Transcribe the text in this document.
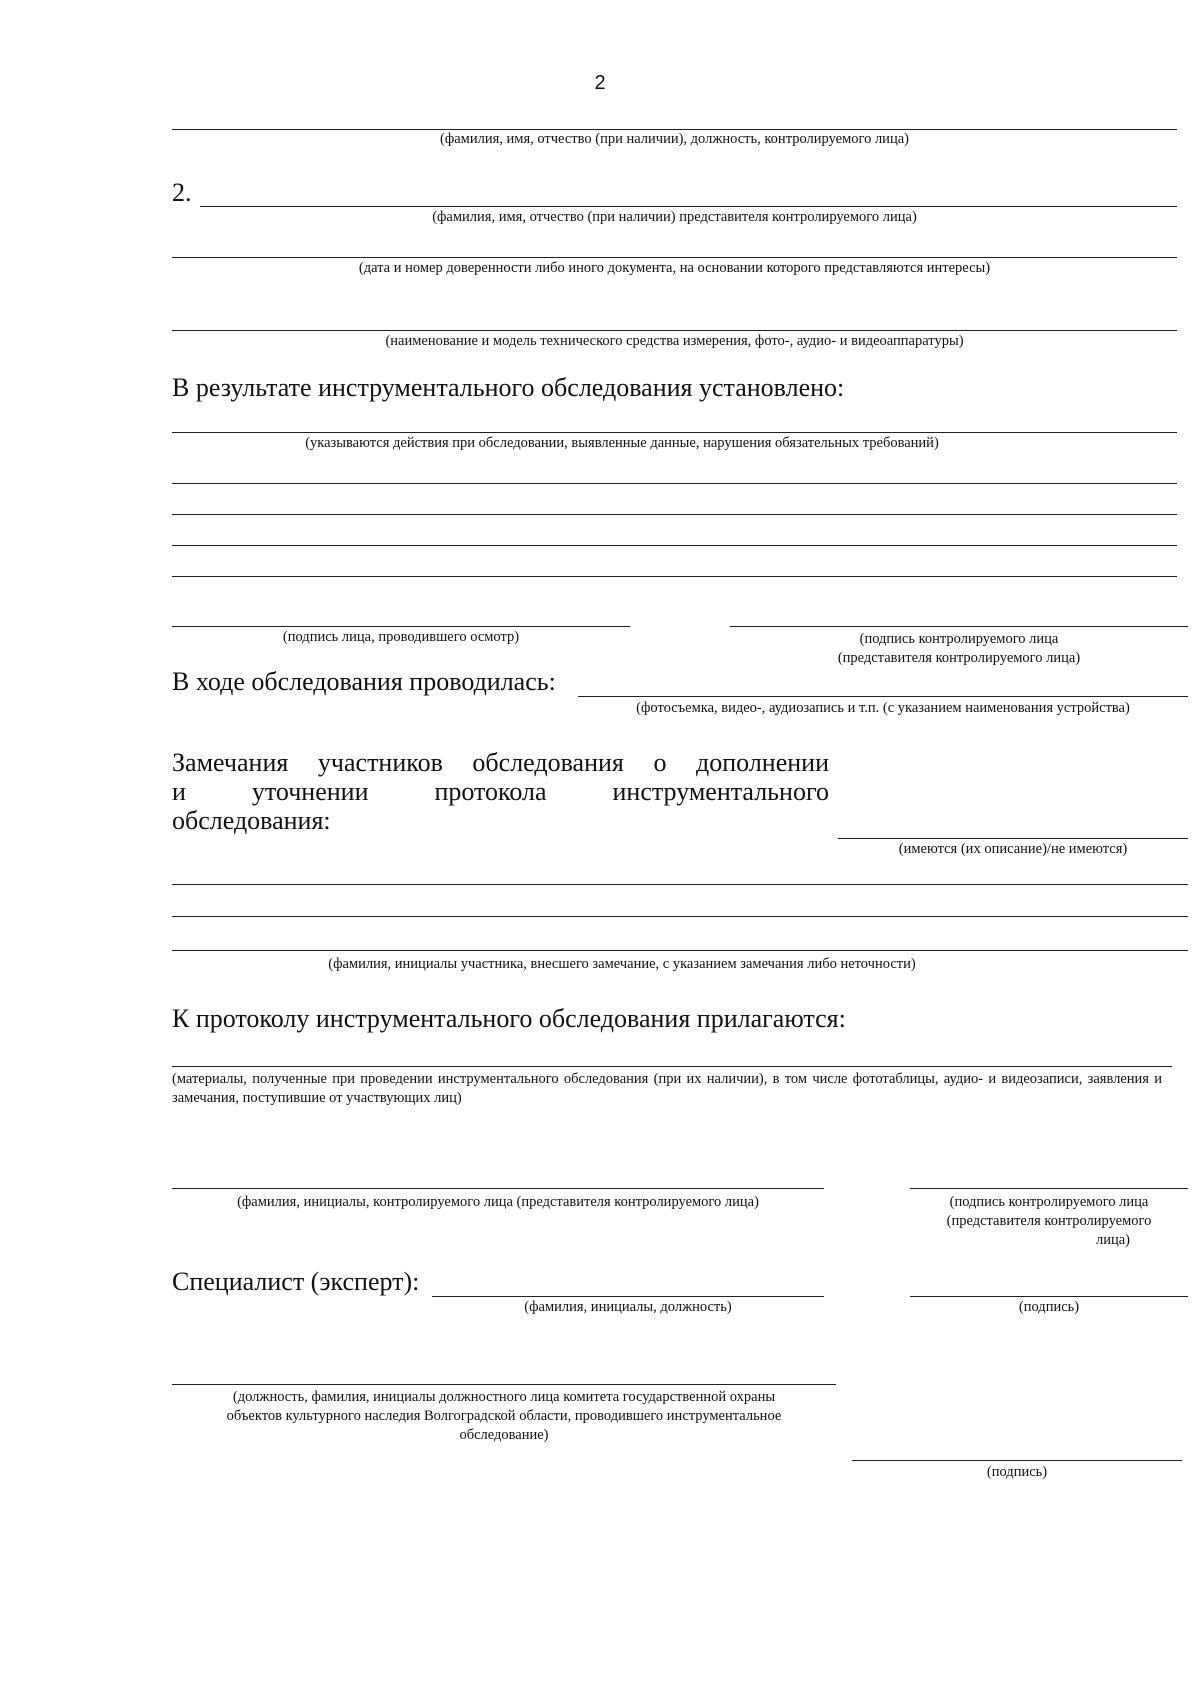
2
(фамилия, имя, отчество (при наличии), должность, контролируемого лица)
2.
(фамилия, имя, отчество (при наличии) представителя контролируемого лица)
(дата и номер доверенности либо иного документа, на основании которого представляются интересы)
(наименование и модель технического средства измерения, фото-, аудио- и видеоаппаратуры)
В результате инструментального обследования установлено:
(указываются действия при обследовании, выявленные данные, нарушения обязательных требований)
(подпись лица, проводившего осмотр)	(подпись контролируемого лица
(представителя контролируемого лица)
В ходе обследования проводилась:
(фотосъемка, видео-, аудиозапись и т.п. (с указанием наименования устройства)
Замечания участников обследования о дополнении
и	уточнении	протокола	инструментального
обследования:
(имеются (их описание)/не имеются)
(фамилия, инициалы участника, внесшего замечание, с указанием замечания либо неточности)
К протоколу инструментального обследования прилагаются:
(материалы, полученные при проведении инструментального обследования (при их наличии), в том числе фототаблицы, аудио- и видеозаписи, заявления и замечания, поступившие от участвующих лиц)
(фамилия, инициалы, контролируемого лица (представителя контролируемого лица)	(подпись контролируемого лица
(представителя контролируемого
лица)
Специалист (эксперт):
(фамилия, инициалы, должность)	(подпись)
(должность, фамилия, инициалы должностного лица комитета государственной охраны
объектов культурного наследия Волгоградской области, проводившего инструментальное
обследование)
(подпись)
